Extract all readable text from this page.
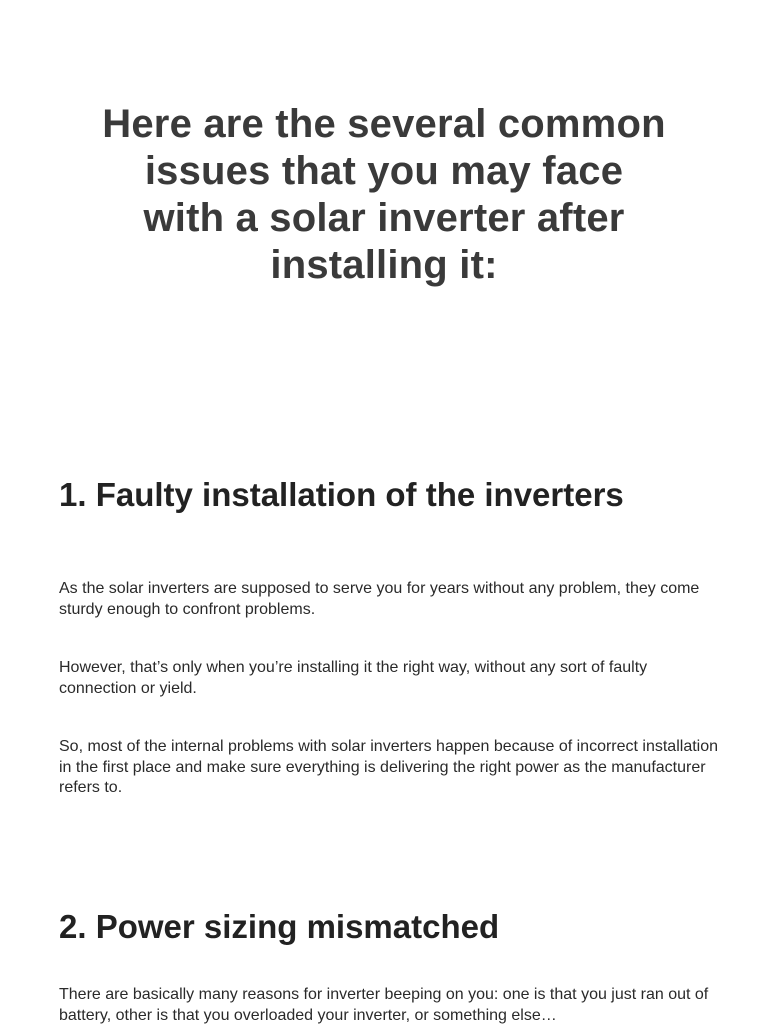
Here are the several common issues that you may face with a solar inverter after installing it:
1. Faulty installation of the inverters

As the solar inverters are supposed to serve you for years without any problem, they come sturdy enough to confront problems.

However, that’s only when you’re installing it the right way, without any sort of faulty connection or yield.

So, most of the internal problems with solar inverters happen because of incorrect installation in the first place and make sure everything is delivering the right power as the manufacturer refers to.

2. Power sizing mismatched

There are basically many reasons for inverter beeping on you: one is that you just ran out of battery, other is that you overloaded your inverter, or something else…
